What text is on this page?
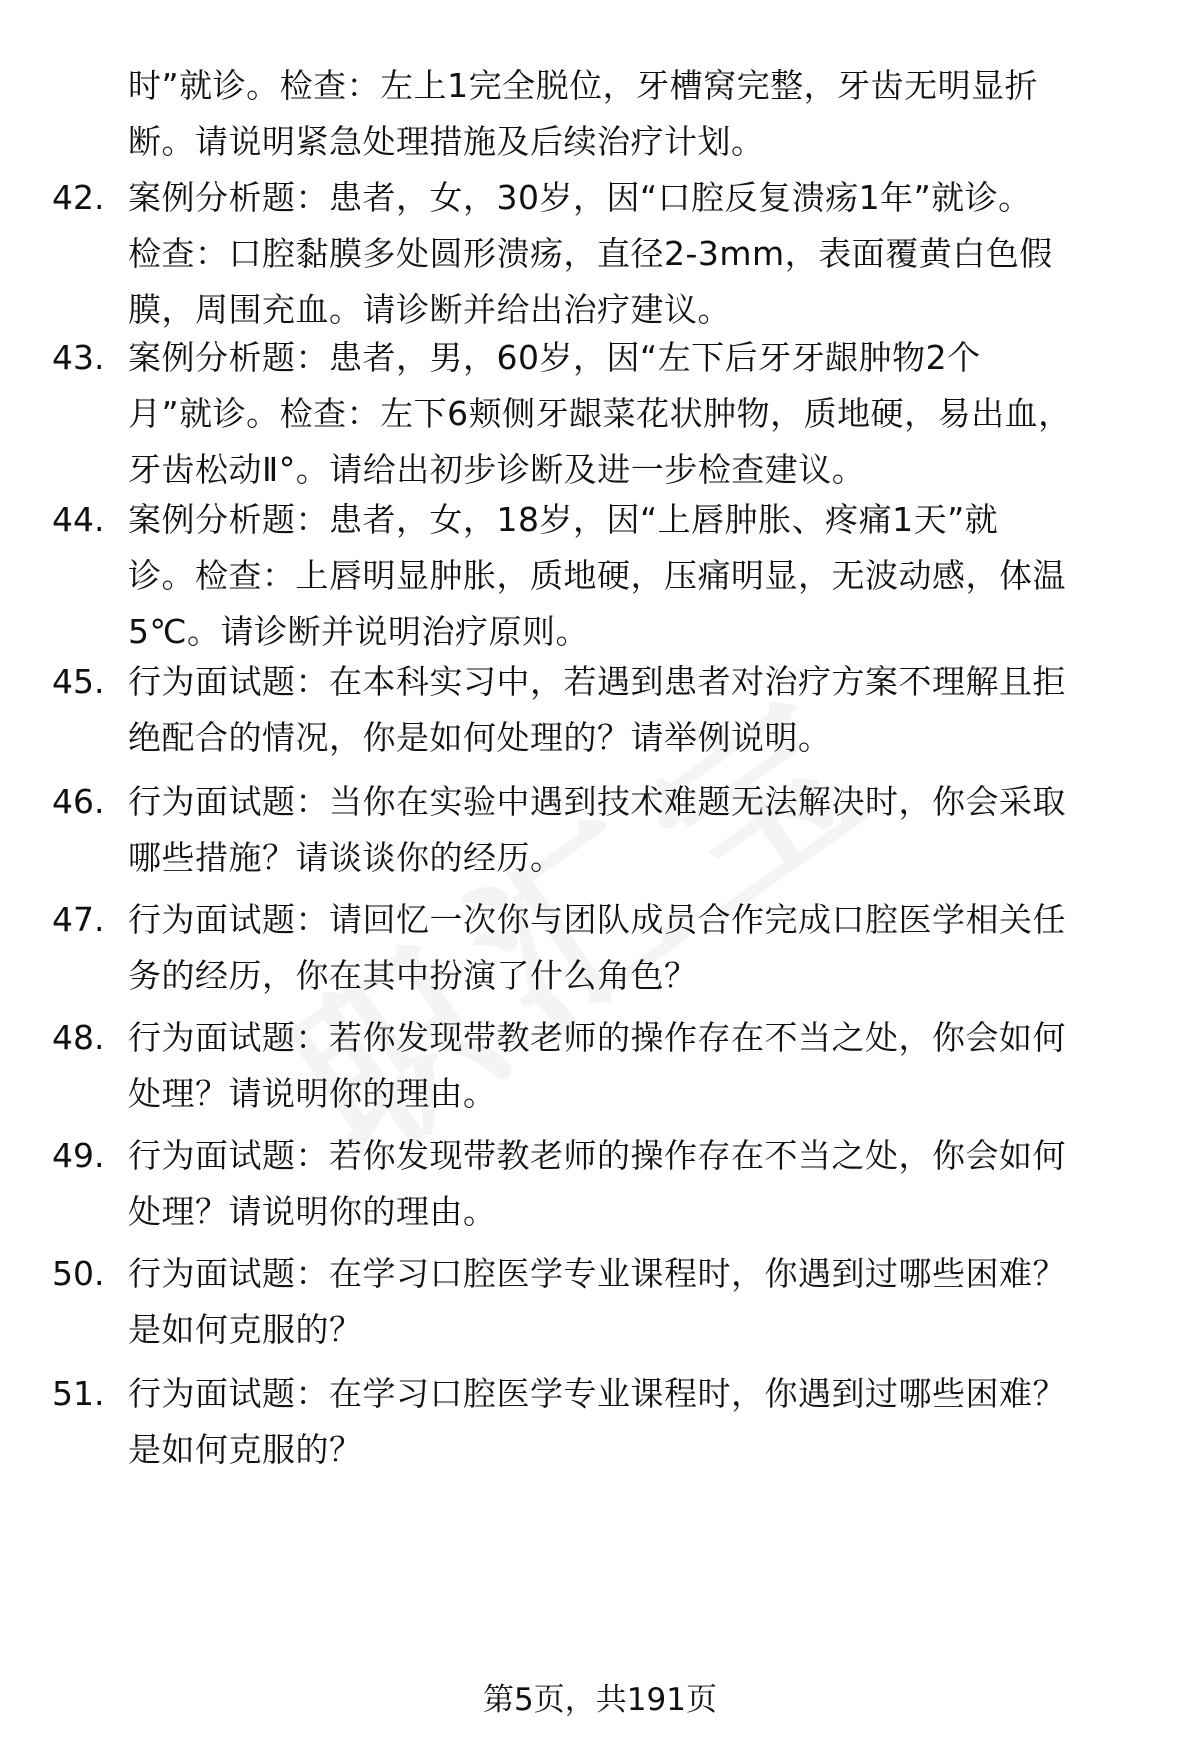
时”就诊。检查：左上1完全脱位，牙槽窝完整，牙齿无明显折
断。请说明紧急处理措施及后续治疗计划。
42. 案例分析题：患者，女，30岁，因“口腔反复溃疡1年”就诊。
检查：口腔黏膜多处圆形溃疡，直径2-3mm，表面覆黄白色假
膜，周围充血。请诊断并给出治疗建议。
43. 案例分析题：患者，男，60岁，因“左下后牙牙龈肿物2个
月”就诊。检查：左下6颊侧牙龈菜花状肿物，质地硬，易出血，
牙齿松动Ⅱ°。请给出初步诊断及进一步检查建议。
44. 案例分析题：患者，女，18岁，因“上唇肿胀、疼痛1天”就
诊。检查：上唇明显肿胀，质地硬，压痛明显，无波动感，体温
5℃。请诊断并说明治疗原则。
45. 行为面试题：在本科实习中，若遇到患者对治疗方案不理解且拒
绝配合的情况，你是如何处理的？请举例说明。
46. 行为面试题：当你在实验中遇到技术难题无法解决时，你会采取
哪些措施？请谈谈你的经历。
47. 行为面试题：请回忆一次你与团队成员合作完成口腔医学相关任
务的经历，你在其中扮演了什么角色？
48. 行为面试题：若你发现带教老师的操作存在不当之处，你会如何
处理？请说明你的理由。
49. 行为面试题：若你发现带教老师的操作存在不当之处，你会如何
处理？请说明你的理由。
50. 行为面试题：在学习口腔医学专业课程时，你遇到过哪些困难？
是如何克服的？
51. 行为面试题：在学习口腔医学专业课程时，你遇到过哪些困难？
是如何克服的？
第5页，共191页
